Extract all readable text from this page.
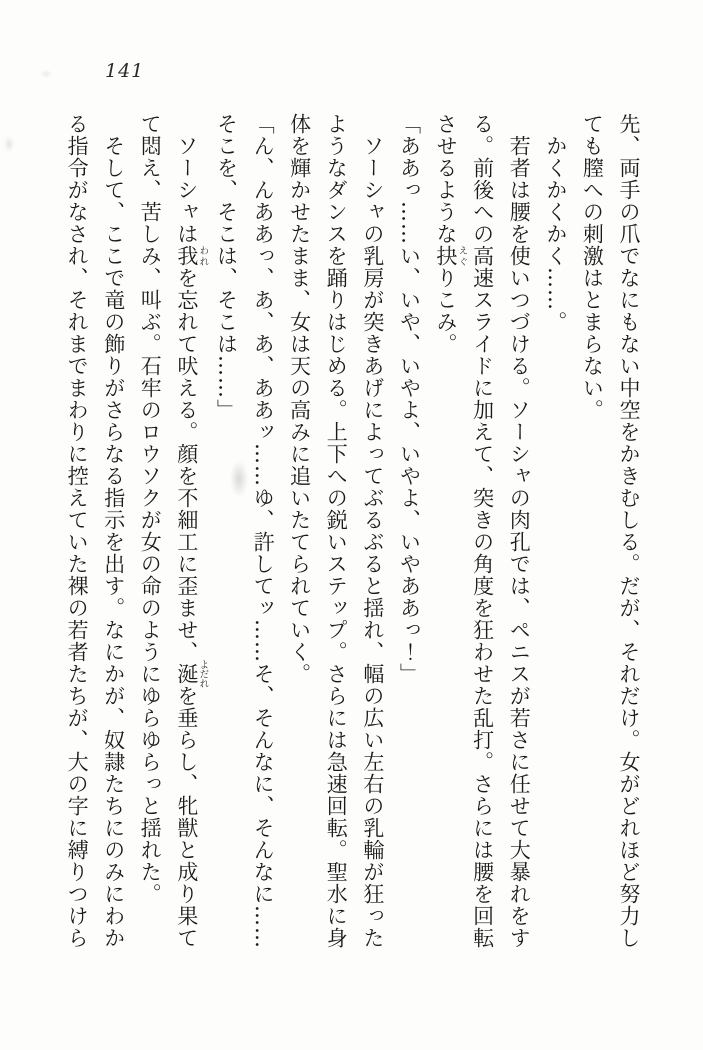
141

先、両手の爪でなにもない中空をかきむしる。だが、それだけ。女がどれほど努力しても膣への刺激はとまらない。

　かくかくかく……。

　若者は腰を使いつづける。ソーシャの肉孔では、ペニスが若さに任せて大暴れをする。前後への高速スライドに加えて、突きの角度を狂わせた乱打。さらには腰を回転させるような抉えぐりこみ。

「ああっ……い、いや、いやよ、いやよ、いやああっ！」

　ソーシャの乳房が突きあげによってぶるぶると揺れ、幅の広い左右の乳輪が狂ったようなダンスを踊りはじめる。上下への鋭いステップ。さらには急速回転。聖水に身体を輝かせたまま、女は天の高みに追いたてられていく。

「ん、んああっ、あ、あ、ああッ……ゆ、許してッ……そ、そんなに、そんなに……そこを、そこは、そこは……」

　ソーシャは我われを忘れて吠える。顔を不細工に歪ませ、涎よだれを垂らし、牝獣と成り果てて悶え、苦しみ、叫ぶ。石牢のロウソクが女の命のようにゆらゆらっと揺れた。

　そして、ここで竜の飾りがさらなる指示を出す。なにかが、奴隷たちにのみにわかる指令がなされ、それまでまわりに控えていた裸の若者たちが、大の字に縛りつけら
